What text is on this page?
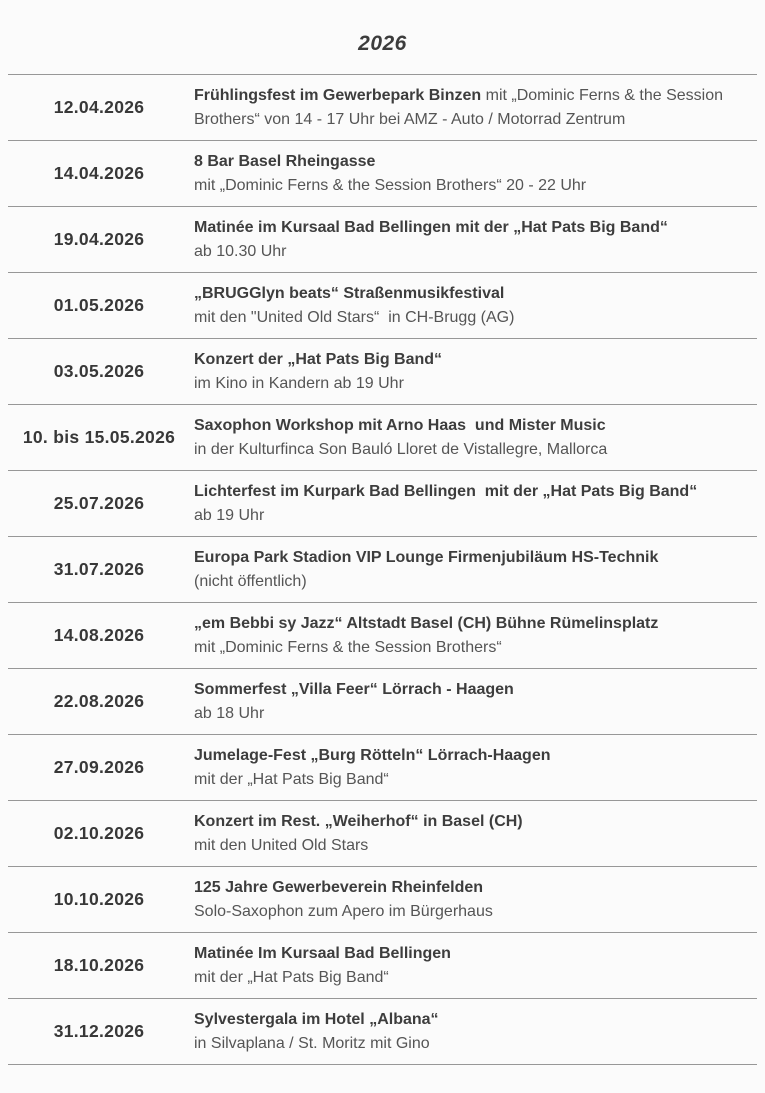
2026
12.04.2026

Frühlingsfest im Gewerbepark Binzen mit „Dominic Ferns & the Session Brothers“ von 14 - 17 Uhr bei AMZ - Auto / Motorrad Zentrum

14.04.2026

8 Bar Basel Rheingasse

mit „Dominic Ferns & the Session Brothers“ 20 - 22 Uhr

19.04.2026

Matinée im Kursaal Bad Bellingen mit der „Hat Pats Big Band“

ab 10.30 Uhr

01.05.2026

„BRUGGlyn beats“ Straßenmusikfestival

mit den "United Old Stars“  in CH-Brugg (AG)

03.05.2026

Konzert der „Hat Pats Big Band“

im Kino in Kandern ab 19 Uhr

10. bis 15.05.2026

Saxophon Workshop mit Arno Haas  und Mister Music

in der Kulturfinca Son Bauló Lloret de Vistallegre, Mallorca

25.07.2026

Lichterfest im Kurpark Bad Bellingen  mit der „Hat Pats Big Band“

ab 19 Uhr

31.07.2026

Europa Park Stadion VIP Lounge Firmenjubiläum HS-Technik

(nicht öffentlich)

14.08.2026

„em Bebbi sy Jazz“ Altstadt Basel (CH) Bühne Rümelinsplatz

mit „Dominic Ferns & the Session Brothers“

22.08.2026

Sommerfest „Villa Feer“ Lörrach - Haagen

ab 18 Uhr

27.09.2026

Jumelage-Fest „Burg Rötteln“ Lörrach-Haagen

mit der „Hat Pats Big Band“

02.10.2026

Konzert im Rest. „Weiherhof“ in Basel (CH)

mit den United Old Stars

10.10.2026

125 Jahre Gewerbeverein Rheinfelden

Solo-Saxophon zum Apero im Bürgerhaus

18.10.2026

Matinée Im Kursaal Bad Bellingen

mit der „Hat Pats Big Band“

31.12.2026

Sylvestergala im Hotel „Albana“

in Silvaplana / St. Moritz mit Gino
